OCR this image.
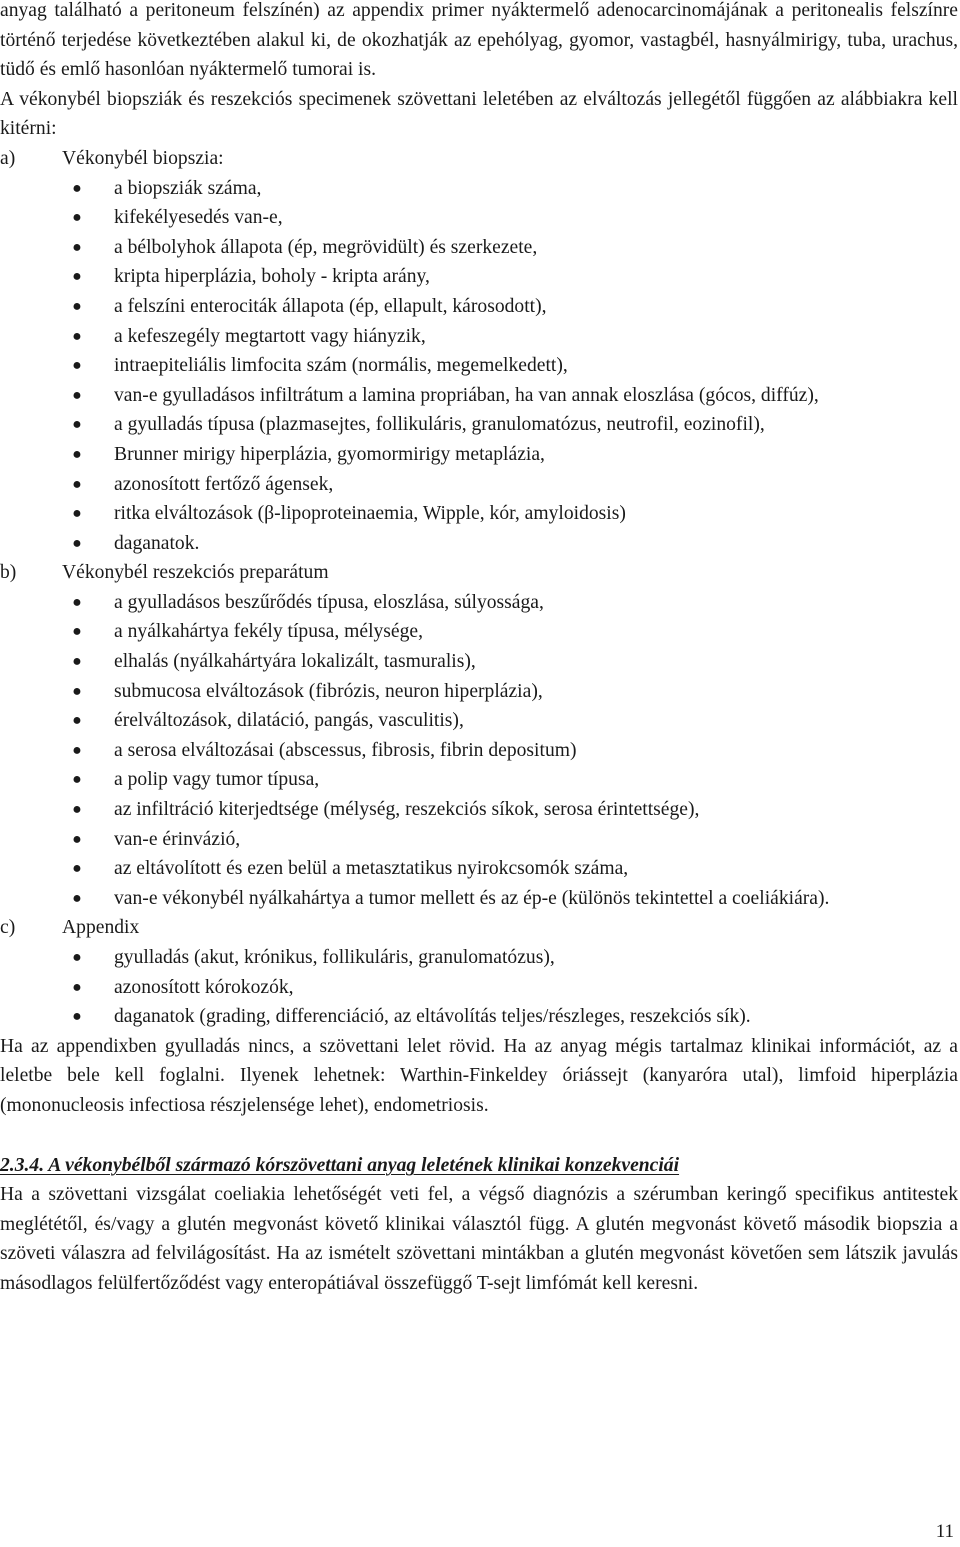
anyag található a peritoneum felszínén) az appendix primer nyáktermelő adenocarcinomájának a peritonealis felszínre történő terjedése következtében alakul ki, de okozhatják az epehólyag, gyomor, vastagbél, hasnyálmirigy, tuba, urachus, tüdő és emlő hasonlóan nyáktermelő tumorai is.

A vékonybél biopsziák és reszekciós specimenek szövettani leletében az elváltozás jellegétől függően az alábbiakra kell kitérni:

a) Vékonybél biopszia:
●	a biopsziák száma,
●	kifekélyesedés van-e,
●	a bélbolyhok állapota (ép, megrövidült) és szerkezete,
●	kripta hiperplázia, boholy - kripta arány,
●	a felszíni enterociták állapota (ép, ellapult, károsodott),
●	a kefeszegély megtartott vagy hiányzik,
●	intraepiteliális limfocita szám (normális, megemelkedett),
●	van-e gyulladásos infiltrátum a lamina propriában, ha van annak eloszlása (gócos, diffúz),
●	a gyulladás típusa (plazmasejtes, follikuláris, granulomatózus, neutrofil, eozinofil),
●	Brunner mirigy hiperplázia, gyomormirigy metaplázia,
●	azonosított fertőző ágensek,
●	ritka elváltozások (β-lipoproteinaemia, Wipple, kór, amyloidosis)
●	daganatok.
b) Vékonybél reszekciós preparátum
●	a gyulladásos beszűrődés típusa, eloszlása, súlyossága,
●	a nyálkahártya fekély típusa, mélysége,
●	elhalás (nyálkahártyára lokalizált, tasmuralis),
●	submucosa elváltozások (fibrózis, neuron hiperplázia),
●	érelváltozások, dilatáció, pangás, vasculitis),
●	a serosa elváltozásai (abscessus, fibrosis, fibrin depositum)
●	a polip vagy tumor típusa,
●	az infiltráció kiterjedtsége (mélység, reszekciós síkok, serosa érintettsége),
●	van-e érinvázió,
●	az eltávolított és ezen belül a metasztatikus nyirokcsomók száma,
●	van-e vékonybél nyálkahártya a tumor mellett és az ép-e (különös tekintettel a coeliákiára).
c) Appendix
●	gyulladás (akut, krónikus, follikuláris, granulomatózus),
●	azonosított kórokozók,
●	daganatok (grading, differenciáció, az eltávolítás teljes/részleges, reszekciós sík).

Ha az appendixben gyulladás nincs, a szövettani lelet rövid. Ha az anyag mégis tartalmaz klinikai információt, az a leletbe bele kell foglalni. Ilyenek lehetnek: Warthin-Finkeldey óriássejt (kanyaróra utal), limfoid hiperplázia (mononucleosis infectiosa részjelensége lehet), endometriosis.

2.3.4. A vékonybélből származó kórszövettani anyag leletének klinikai konzekvenciái

Ha a szövettani vizsgálat coeliakia lehetőségét veti fel, a végső diagnózis a szérumban keringő specifikus antitestek meglététől, és/vagy a glutén megvonást követő klinikai választól függ. A glutén megvonást követő második biopszia a szöveti válaszra ad felvilágosítást. Ha az ismételt szövettani mintákban a glutén megvonást követően sem látszik javulás másodlagos felülfertőződést vagy enteropátiával összefüggő T-sejt limfómát kell keresni.

11
